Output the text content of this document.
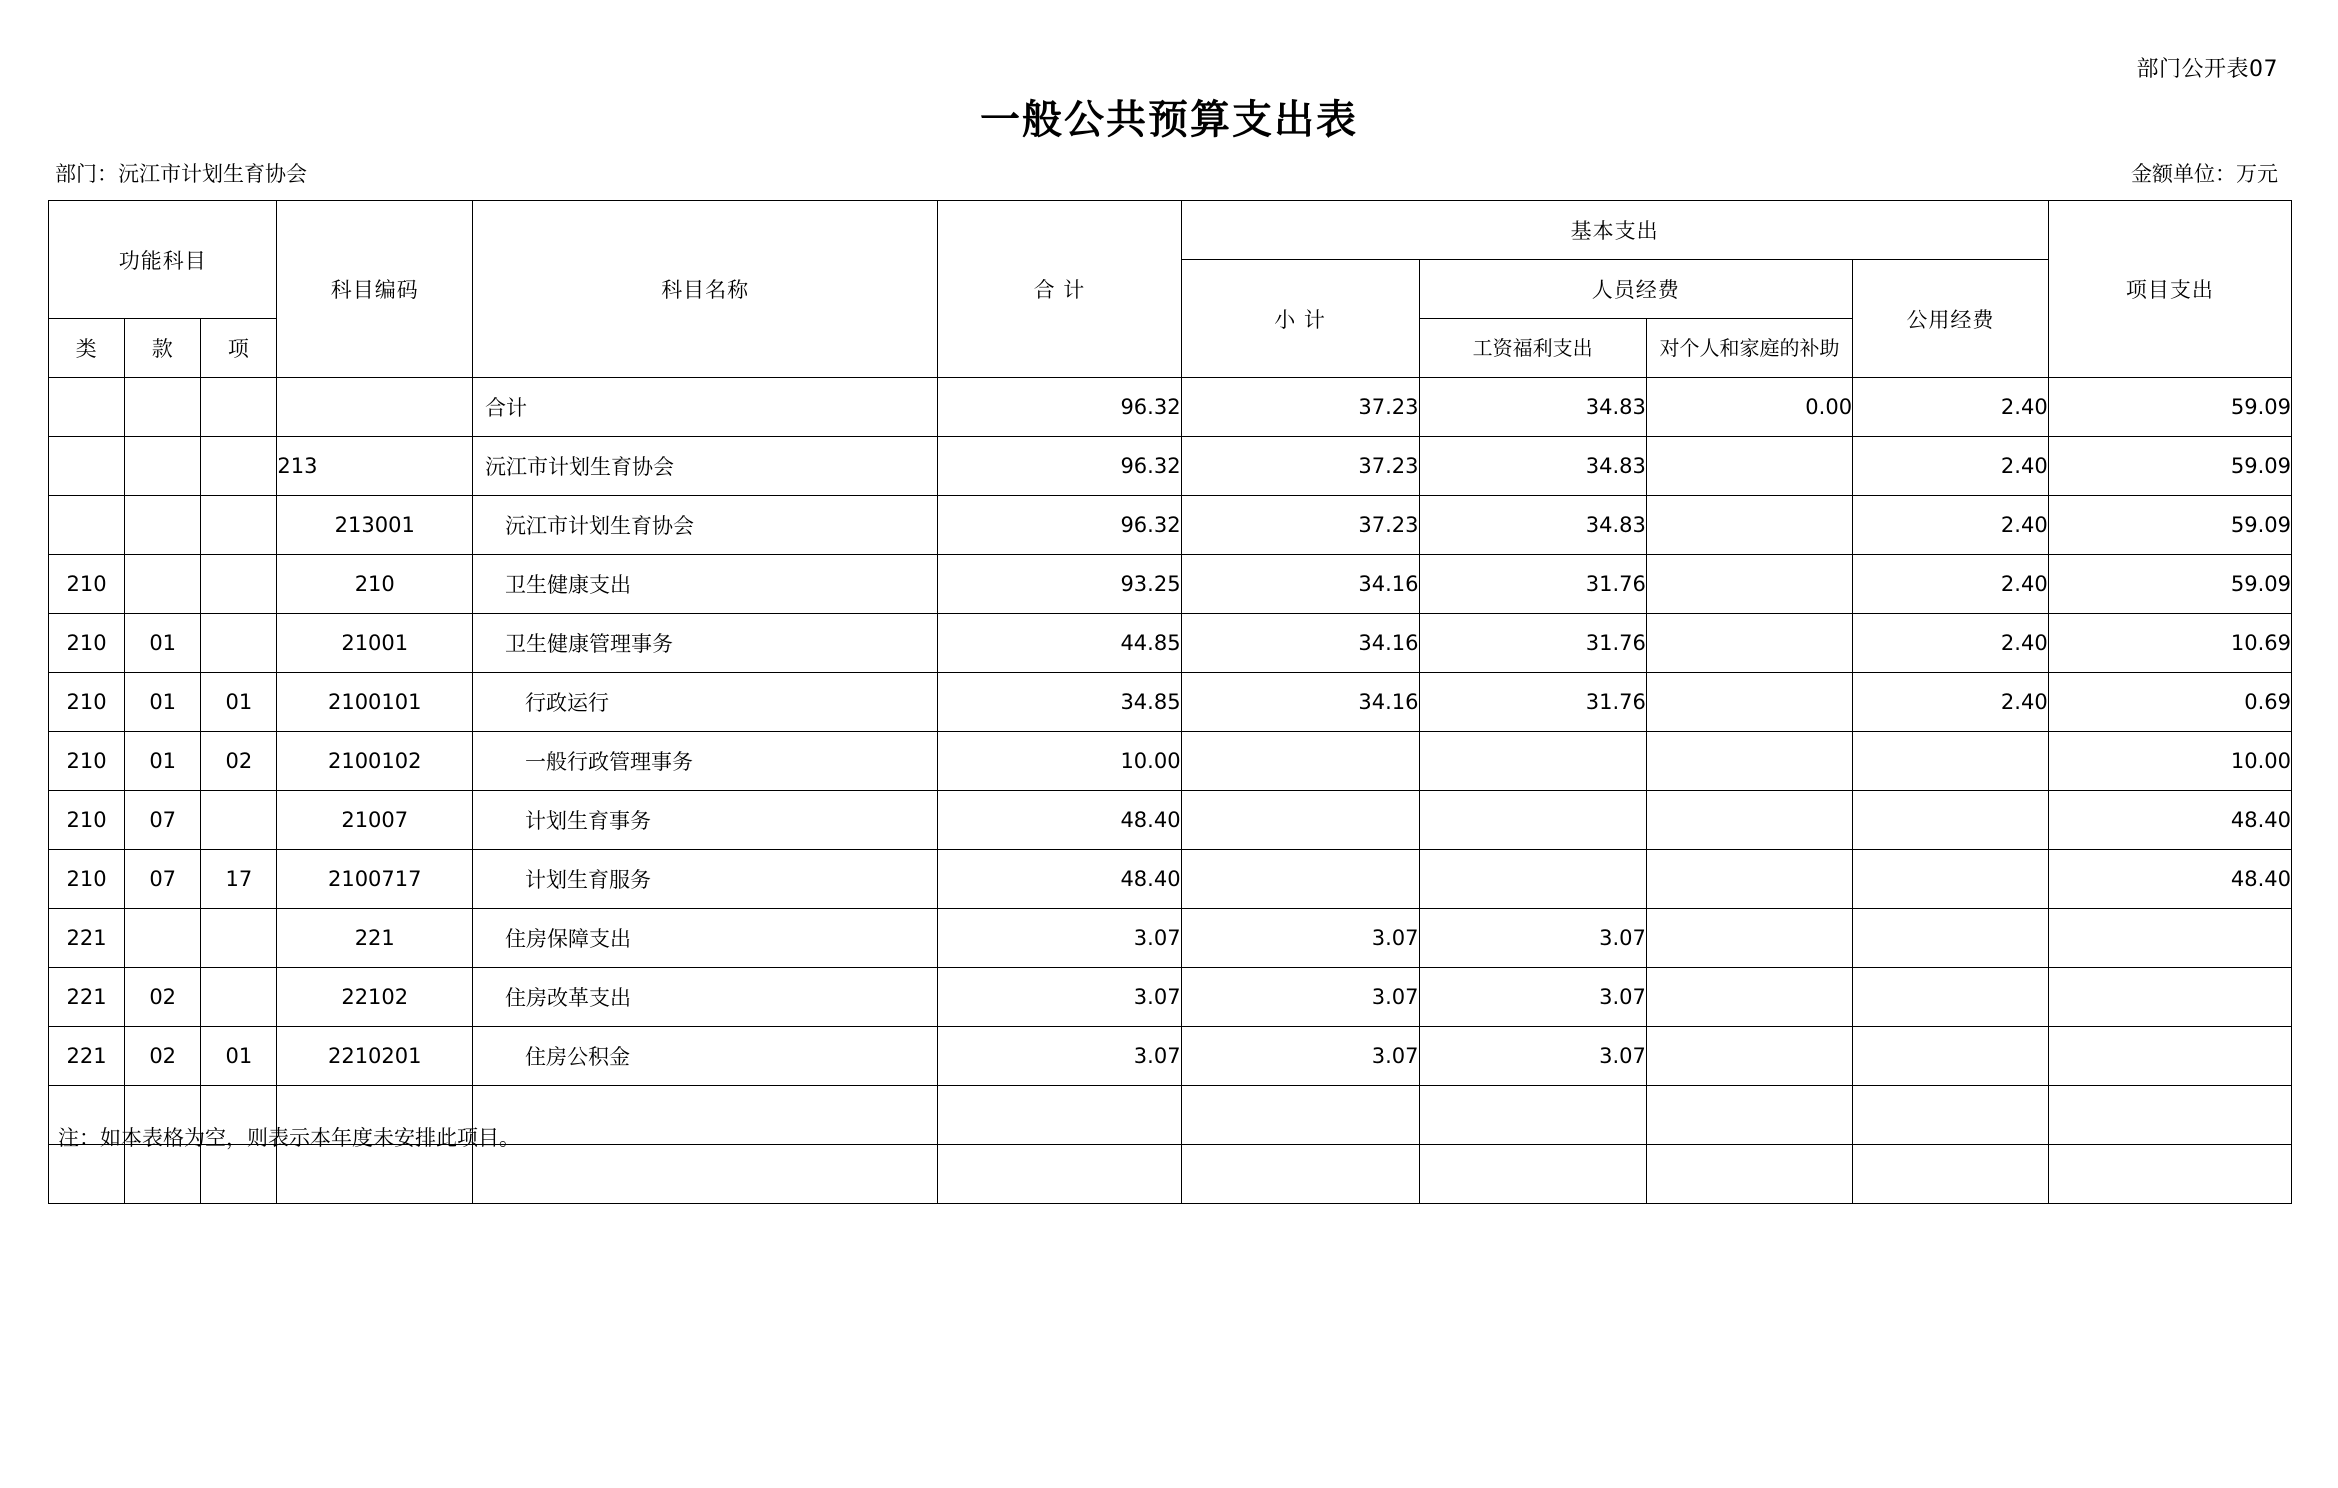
部门公开表07
一般公共预算支出表
部门：沅江市计划生育协会	金额单位：万元
功能科目			科目编码	科目名称	合 计	基本支出				项目支出
						小 计	人员经费		公用经费	
类	款	项					工资福利支出	对个人和家庭的补助		
				合计	96.32	37.23	34.83	0.00	2.40	59.09
			213	沅江市计划生育协会	96.32	37.23	34.83		2.40	59.09
			213001	沅江市计划生育协会	96.32	37.23	34.83		2.40	59.09
210			210	卫生健康支出	93.25	34.16	31.76		2.40	59.09
210	01		21001	卫生健康管理事务	44.85	34.16	31.76		2.40	10.69
210	01	01	2100101	行政运行	34.85	34.16	31.76		2.40	0.69
210	01	02	2100102	一般行政管理事务	10.00					10.00
210	07		21007	计划生育事务	48.40					48.40
210	07	17	2100717	计划生育服务	48.40					48.40
221			221	住房保障支出	3.07	3.07	3.07			
221	02		22102	住房改革支出	3.07	3.07	3.07			
221	02	01	2210201	住房公积金	3.07	3.07	3.07			

注：如本表格为空，则表示本年度未安排此项目。
